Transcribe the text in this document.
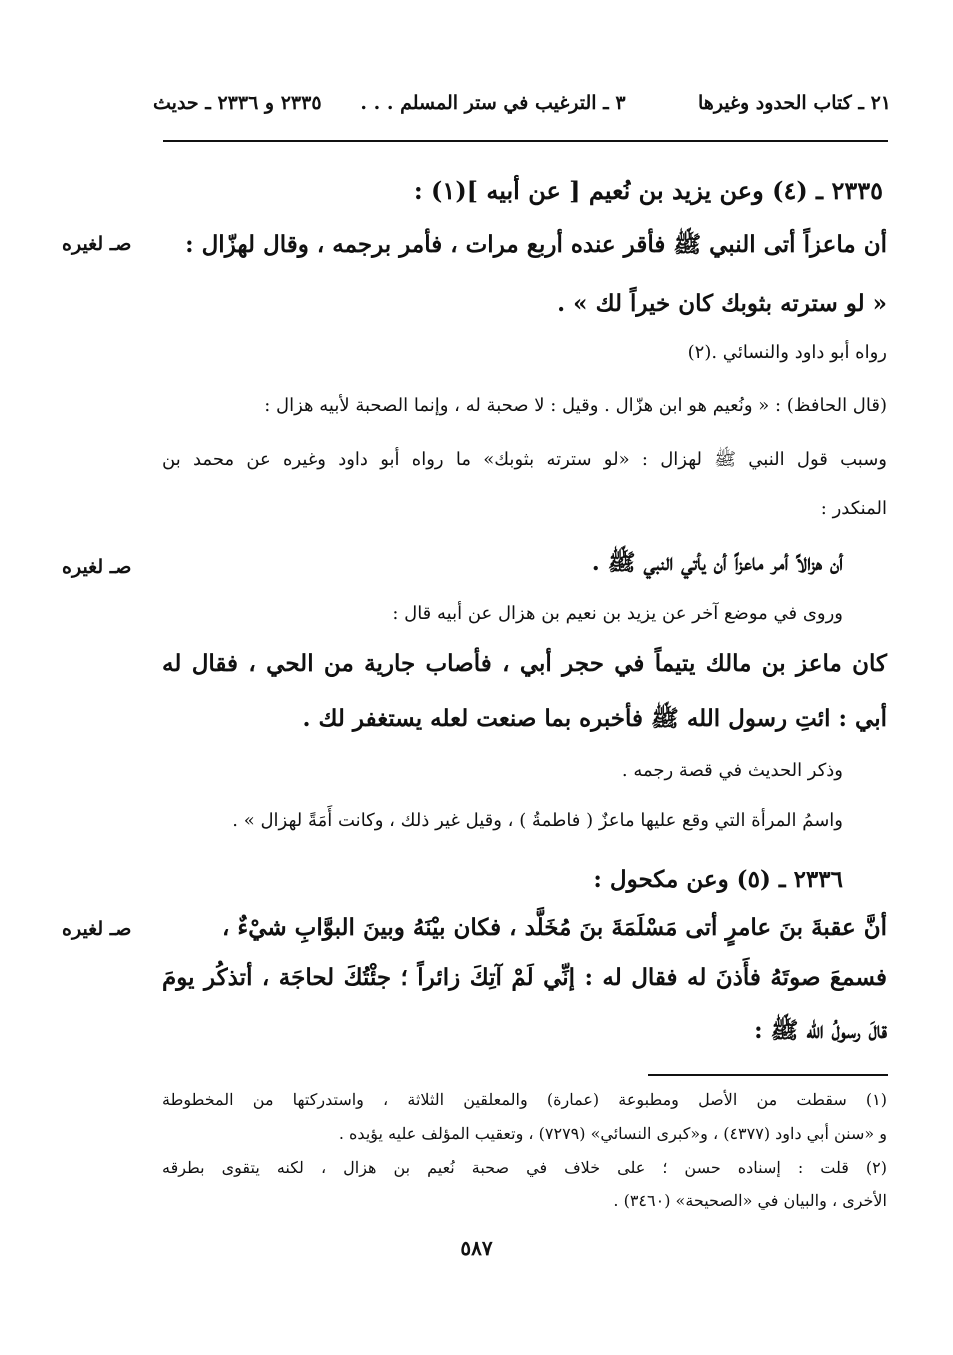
٢١ ـ كتاب الحدود وغيرها
٣ ـ الترغيب في ستر المسلم . . .
٢٣٣٥ و ٢٣٣٦ ـ حديث
٢٣٣٥ ـ (٤) وعن يزيد بن نُعيم [ عن أبيه ](١) :
أن ماعزاً أتى النبي ﷺ فأقر عنده أربع مرات ، فأمر برجمه ، وقال لهزّال :
صـ لغيره
« لو سترته بثوبك كان خيراً لك » .
رواه أبو داود والنسائي .(٢)
(قال الحافظ) : « ونُعيم هو ابن هزّال . وقيل : لا صحبة له ، وإنما الصحبة لأبيه هزال :
وسبب قول النبي ﷺ لهزال : «لو سترته بثوبك» ما رواه أبو داود وغيره عن محمد بن
المنكدر :
أن هزالاً أمر ماعزاً أن يأتي النبي ﷺ .
صـ لغيره
وروى في موضع آخر عن يزيد بن نعيم بن هزال عن أبيه قال :
كان ماعز بن مالك يتيماً في حجر أبي ، فأصاب جارية من الحي ، فقال له
أبي : ائتِ رسول الله ﷺ فأخبره بما صنعت لعله يستغفر لك .
وذكر الحديث في قصة رجمه .
واسمُ المرأة التي وقع عليها ماعزٌ ( فاطمةُ ) ، وقيل غير ذلك ، وكانت أَمَةً لهزال » .
٢٣٣٦ ـ (٥) وعن مكحول :
أنَّ عقبةَ بنَ عامرٍ أتى مَسْلَمَةَ بنَ مُخَلَّد ، فكان بيْنَهُ وبينَ البوَّابِ شيْءٌ ،
صـ لغيره
فسمعَ صوتَهُ فأَذنَ له فقال له : إنِّي لَمْ آتِكَ زائراً ؛ جئْتُكَ لحاجَة ، أتذكُر يومَ
قالَ رسولُ الله ﷺ :
(١) سقطت من الأصل ومطبوعة (عمارة) والمعلقين الثلاثة ، واستدركتها من المخطوطة
و «سنن أبي داود (٤٣٧٧) ، و«كبرى النسائي» (٧٢٧٩) ، وتعقيب المؤلف عليه يؤيده .
(٢) قلت : إسناده حسن ؛ على خلاف في صحبة نُعيم بن هزال ، لكنه يتقوى بطرقه
الأخرى ، والبيان في «الصحيحة» (٣٤٦٠) .
٥٨٧
